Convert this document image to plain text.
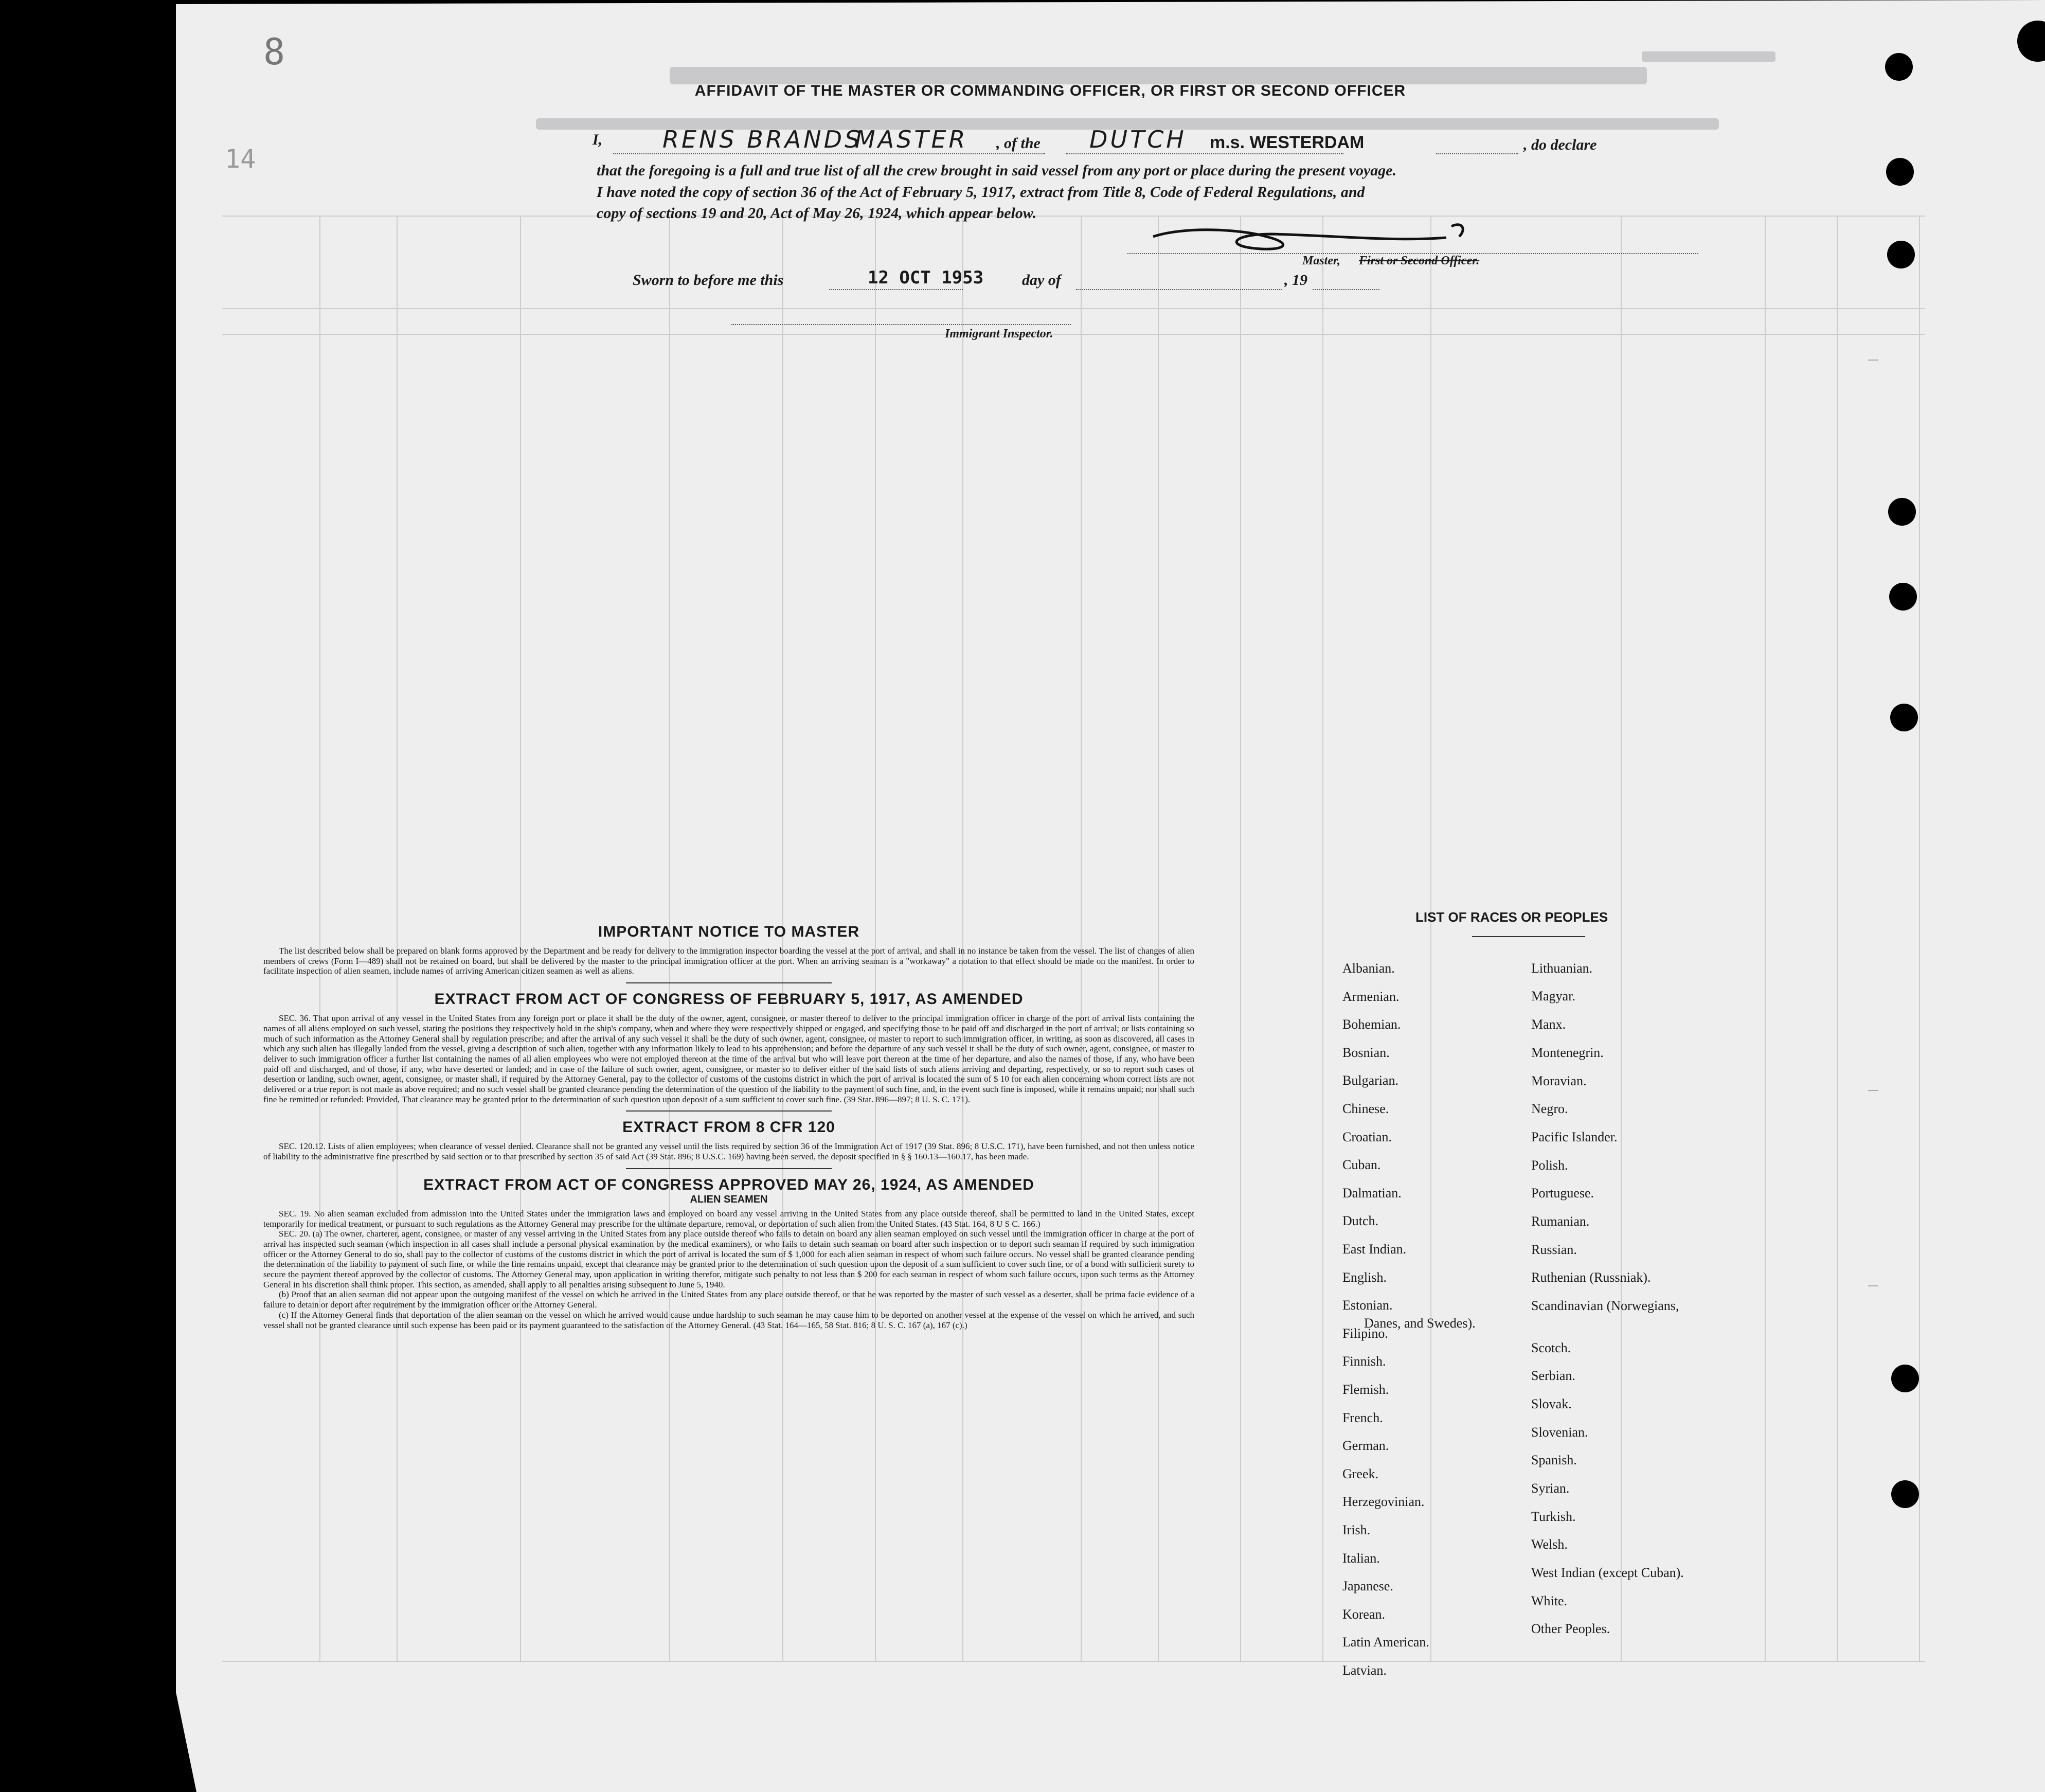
8
14
AFFIDAVIT OF THE MASTER OR COMMANDING OFFICER, OR FIRST OR SECOND OFFICER
I,	RENS BRANDS
MASTER , of the DUTCH m.s. WESTERDAM	, do declare
that the foregoing is a full and true list of all the crew brought in said vessel from any port or place during the present voyage.
I have noted the copy of section 36 of the Act of February 5, 1917, extract from Title 8, Code of Federal Regulations, and
copy of sections 19 and 20, Act of May 26, 1924, which appear below.
Master, First or Second Officer.
Sworn to before me this	12 OCT 1953 day of	, 19
Immigrant Inspector.
IMPORTANT NOTICE TO MASTER
The list described below shall be prepared on blank forms approved by the Department and be ready for delivery to the immigration inspector boarding the vessel at the port of arrival, and shall in no instance be taken from the vessel. The list of changes of alien members of crews (Form I—489) shall not be retained on board, but shall be delivered by the master to the principal immigration officer at the port. When an arriving seaman is a "workaway" a notation to that effect should be made on the manifest. In order to facilitate inspection of alien seamen, include names of arriving American citizen seamen as well as aliens.
EXTRACT FROM ACT OF CONGRESS OF FEBRUARY 5, 1917, AS AMENDED
SEC. 36. That upon arrival of any vessel in the United States from any foreign port or place it shall be the duty of the owner, agent, consignee, or master thereof to deliver to the principal immigration officer in charge of the port of arrival lists containing the names of all aliens employed on such vessel, stating the positions they respectively hold in the ship's company, when and where they were respectively shipped or engaged, and specifying those to be paid off and discharged in the port of arrival; or lists containing so much of such information as the Attorney General shall by regulation prescribe; and after the arrival of any such vessel it shall be the duty of such owner, agent, consignee, or master to report to such immigration officer, in writing, as soon as discovered, all cases in which any such alien has illegally landed from the vessel, giving a description of such alien, together with any information likely to lead to his apprehension; and before the departure of any such vessel it shall be the duty of such owner, agent, consignee, or master to deliver to such immigration officer a further list containing the names of all alien employees who were not employed thereon at the time of the arrival but who will leave port thereon at the time of her departure, and also the names of those, if any, who have been paid off and discharged, and of those, if any, who have deserted or landed; and in case of the failure of such owner, agent, consignee, or master so to deliver either of the said lists of such aliens arriving and departing, respectively, or so to report such cases of desertion or landing, such owner, agent, consignee, or master shall, if required by the Attorney General, pay to the collector of customs of the customs district in which the port of arrival is located the sum of $ 10 for each alien concerning whom correct lists are not delivered or a true report is not made as above required; and no such vessel shall be granted clearance pending the determination of the question of the liability to the payment of such fine, and, in the event such fine is imposed, while it remains unpaid; nor shall such fine be remitted or refunded: Provided, That clearance may be granted prior to the determination of such question upon deposit of a sum sufficient to cover such fine. (39 Stat. 896—897; 8 U. S. C. 171).
EXTRACT FROM 8 CFR 120
SEC. 120.12. Lists of alien employees; when clearance of vessel denied. Clearance shall not be granted any vessel until the lists required by section 36 of the Immigration Act of 1917 (39 Stat. 896; 8 U.S.C. 171), have been furnished, and not then unless notice of liability to the administrative fine prescribed by said section or to that prescribed by section 35 of said Act (39 Stat. 896; 8 U.S.C. 169) having been served, the deposit specified in § § 160.13—160.17, has been made.
EXTRACT FROM ACT OF CONGRESS APPROVED MAY 26, 1924, AS AMENDED
ALIEN SEAMEN
SEC. 19. No alien seaman excluded from admission into the United States under the immigration laws and employed on board any vessel arriving in the United States from any place outside thereof, shall be permitted to land in the United States, except temporarily for medical treatment, or pursuant to such regulations as the Attorney General may prescribe for the ultimate departure, removal, or deportation of such alien from the United States. (43 Stat. 164, 8 U S C. 166.)
SEC. 20. (a) The owner, charterer, agent, consignee, or master of any vessel arriving in the United States from any place outside thereof who fails to detain on board any alien seaman employed on such vessel until the immigration officer in charge at the port of arrival has inspected such seaman (which inspection in all cases shall include a personal physical examination by the medical examiners), or who fails to detain such seaman on board after such inspection or to deport such seaman if required by such immigration officer or the Attorney General to do so, shall pay to the collector of customs of the customs district in which the port of arrival is located the sum of $ 1,000 for each alien seaman in respect of whom such failure occurs. No vessel shall be granted clearance pending the determination of the liability to payment of such fine, or while the fine remains unpaid, except that clearance may be granted prior to the determination of such question upon the deposit of a sum sufficient to cover such fine, or of a bond with sufficient surety to secure the payment thereof approved by the collector of customs. The Attorney General may, upon application in writing therefor, mitigate such penalty to not less than $ 200 for each seaman in respect of whom such failure occurs, upon such terms as the Attorney General in his discretion shall think proper. This section, as amended, shall apply to all penalties arising subsequent to June 5, 1940.
(b) Proof that an alien seaman did not appear upon the outgoing manifest of the vessel on which he arrived in the United States from any place outside thereof, or that he was reported by the master of such vessel as a deserter, shall be prima facie evidence of a failure to detain or deport after requirement by the immigration officer or the Attorney General.
(c) If the Attorney General finds that deportation of the alien seaman on the vessel on which he arrived would cause undue hardship to such seaman he may cause him to be deported on another vessel at the expense of the vessel on which he arrived, and such vessel shall not be granted clearance until such expense has been paid or its payment guaranteed to the satisfaction of the Attorney General. (43 Stat. 164—165, 58 Stat. 816; 8 U. S. C. 167 (a), 167 (c).)
LIST OF RACES OR PEOPLES
Albanian.
Armenian.
Bohemian.
Bosnian.
Bulgarian.
Chinese.
Croatian.
Cuban.
Dalmatian.
Dutch.
East Indian.
English.
Estonian.
Filipino.
Finnish.
Flemish.
French.
German.
Greek.
Herzegovinian.
Irish.
Italian.
Japanese.
Korean.
Latin American.
Latvian.
Lithuanian.
Magyar.
Manx.
Montenegrin.
Moravian.
Negro.
Pacific Islander.
Polish.
Portuguese.
Rumanian.
Russian.
Ruthenian (Russniak).
Scandinavian (Norwegians,
Danes, and Swedes).
Scotch.
Serbian.
Slovak.
Slovenian.
Spanish.
Syrian.
Turkish.
Welsh.
West Indian (except Cuban).
White.
Other Peoples.
